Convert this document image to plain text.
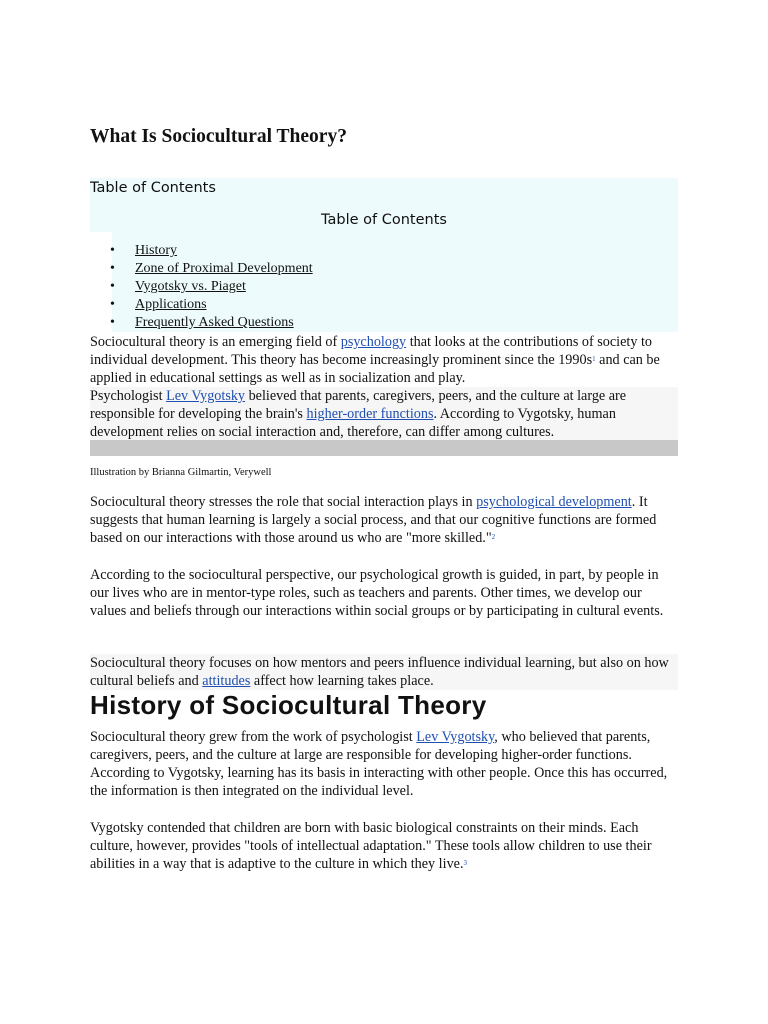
What Is Sociocultural Theory?
Table of Contents
Table of Contents
• History
• Zone of Proximal Development
• Vygotsky vs. Piaget
• Applications
• Frequently Asked Questions

Sociocultural theory is an emerging field of psychology that looks at the contributions of society to individual development. This theory has become increasingly prominent since the 1990s$^1$ and can be applied in educational settings as well as in socialization and play.

Psychologist Lev Vygotsky believed that parents, caregivers, peers, and the culture at large are responsible for developing the brain's higher-order functions. According to Vygotsky, human development relies on social interaction and, therefore, can differ among cultures.

Illustration by Brianna Gilmartin, Verywell

Sociocultural theory stresses the role that social interaction plays in psychological development. It suggests that human learning is largely a social process, and that our cognitive functions are formed based on our interactions with those around us who are "more skilled."$^2$

According to the sociocultural perspective, our psychological growth is guided, in part, by people in our lives who are in mentor-type roles, such as teachers and parents. Other times, we develop our values and beliefs through our interactions within social groups or by participating in cultural events.

Sociocultural theory focuses on how mentors and peers influence individual learning, but also on how cultural beliefs and attitudes affect how learning takes place.

History of Sociocultural Theory

Sociocultural theory grew from the work of psychologist Lev Vygotsky, who believed that parents, caregivers, peers, and the culture at large are responsible for developing higher-order functions. According to Vygotsky, learning has its basis in interacting with other people. Once this has occurred, the information is then integrated on the individual level.

Vygotsky contended that children are born with basic biological constraints on their minds. Each culture, however, provides "tools of intellectual adaptation." These tools allow children to use their abilities in a way that is adaptive to the culture in which they live.$^3$
